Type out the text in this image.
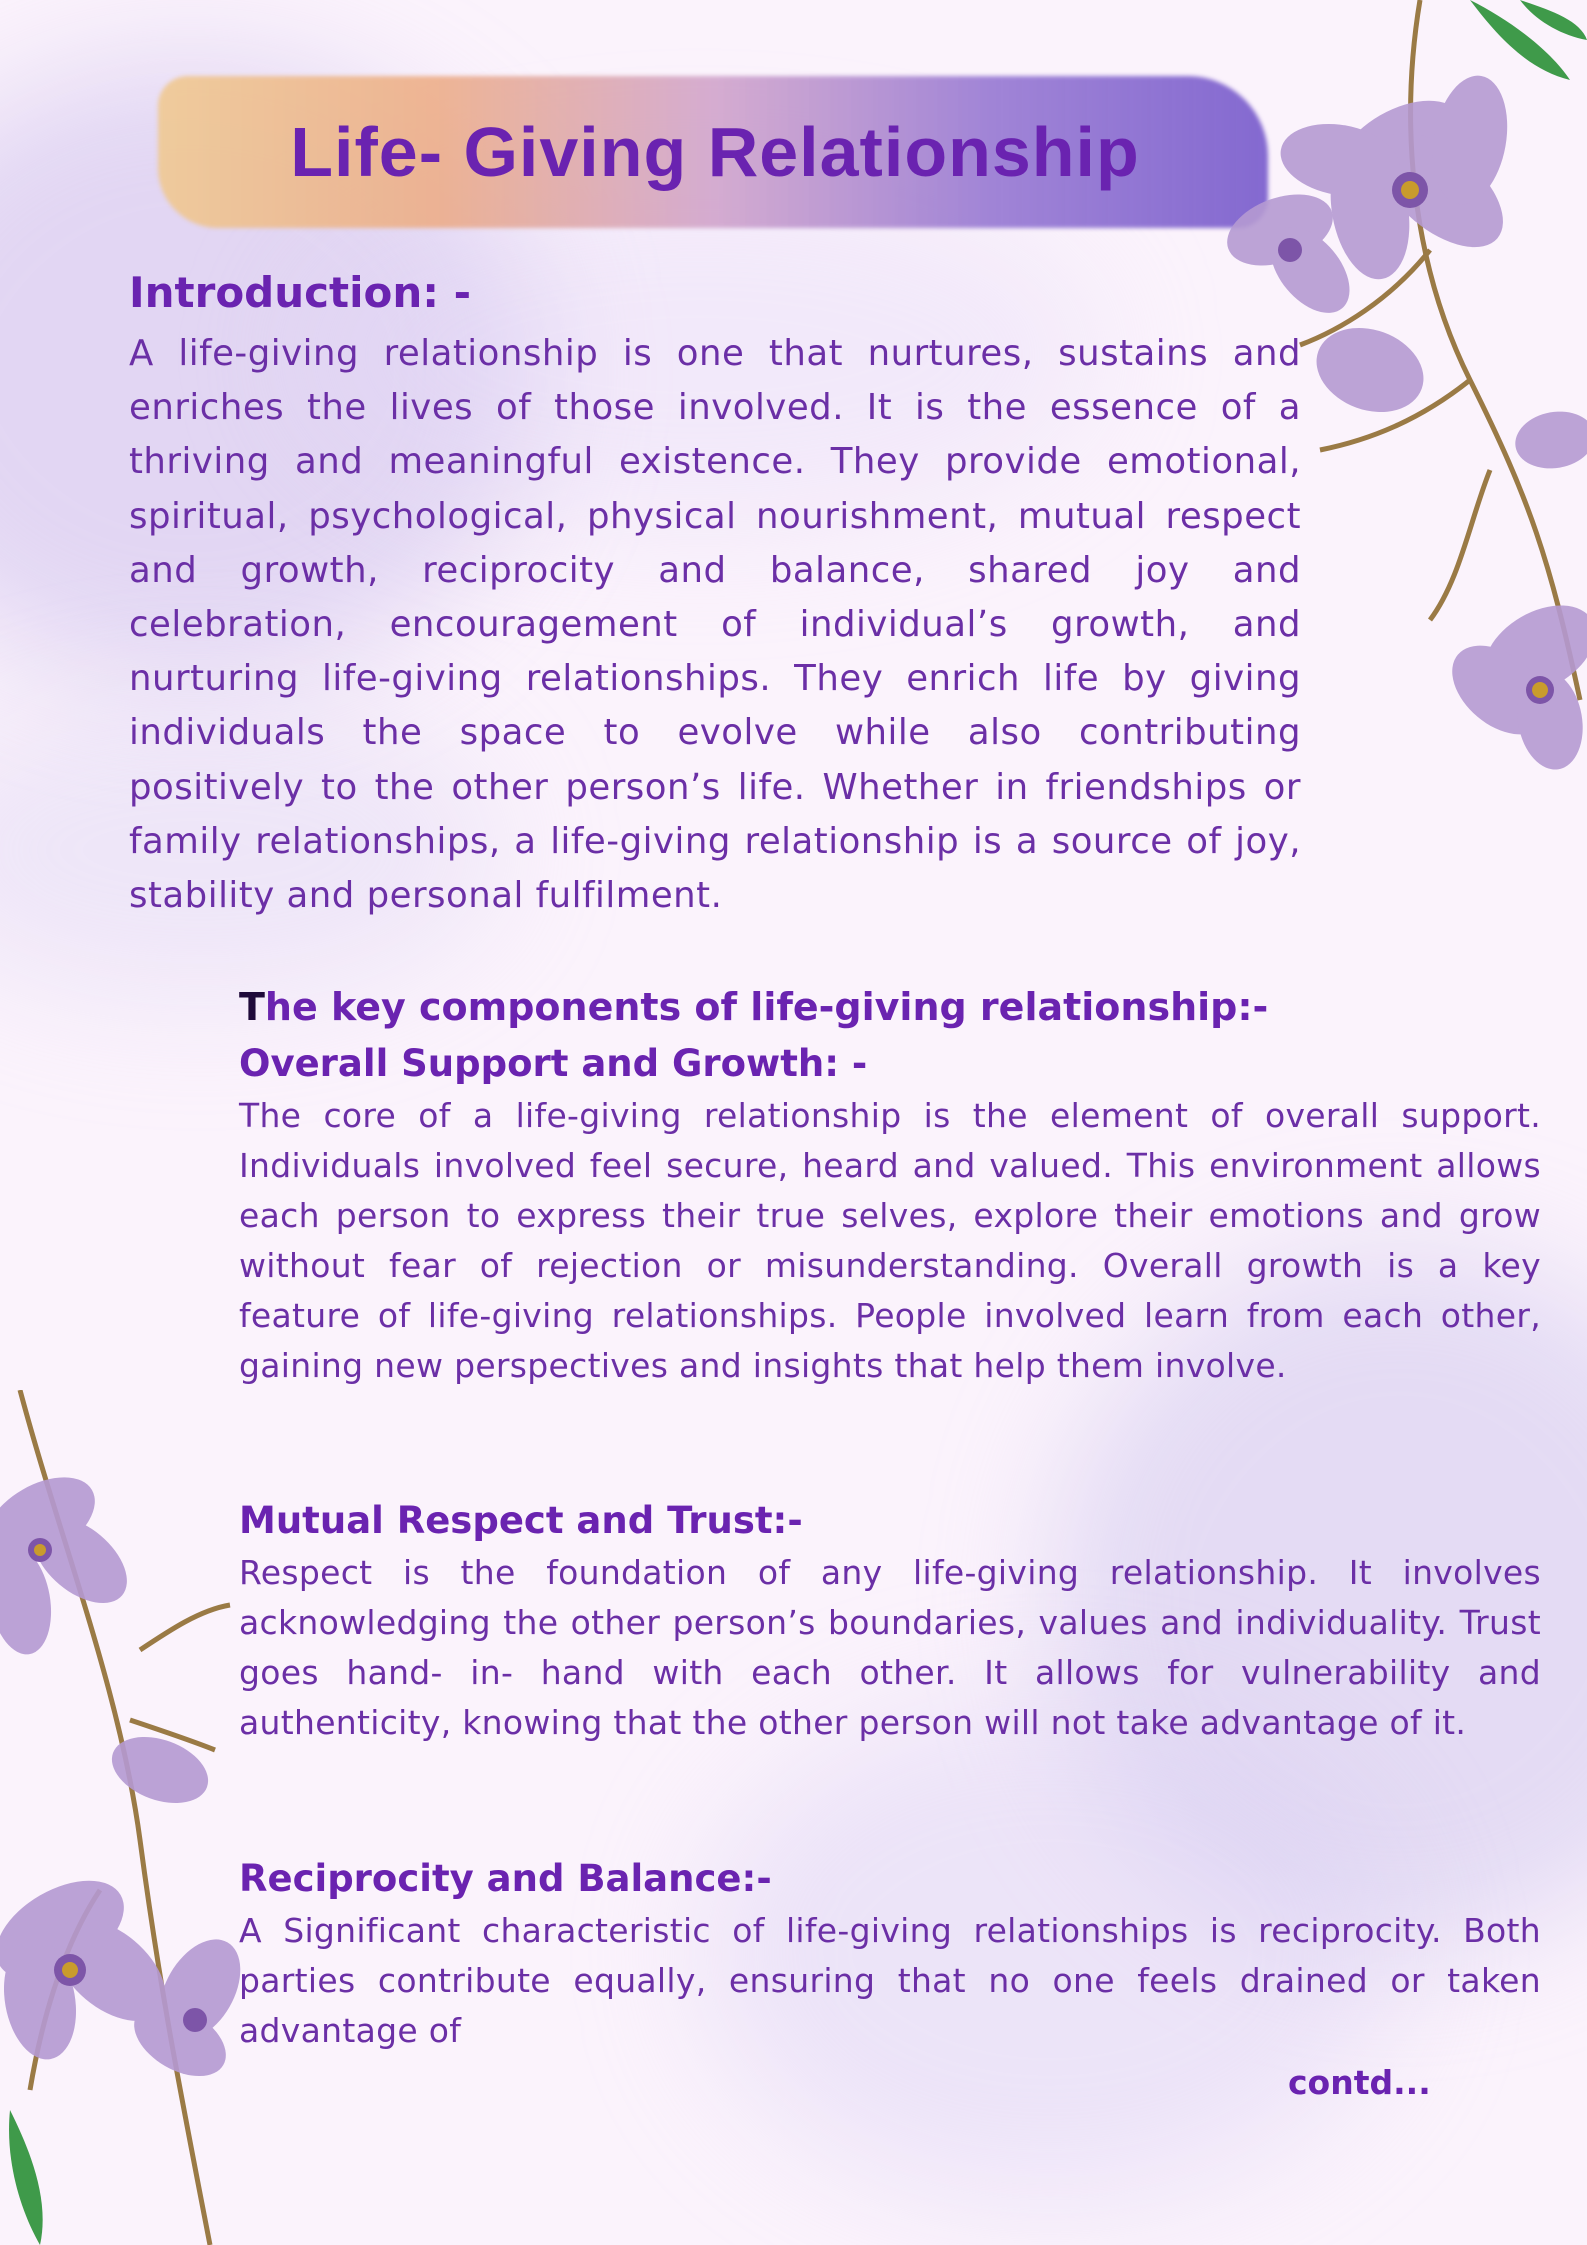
Life- Giving Relationship
Introduction: -

A life-giving relationship is one that nurtures, sustains and enriches the lives of those involved. It is the essence of a thriving and meaningful existence. They provide emotional, spiritual, psychological, physical nourishment, mutual respect and growth, reciprocity and balance, shared joy and celebration, encouragement of individual’s growth, and nurturing life-giving relationships. They enrich life by giving individuals the space to evolve while also contributing positively to the other person’s life. Whether in friendships or family relationships, a life-giving relationship is a source of joy, stability and personal fulfilment.

The key components of life-giving relationship:-
Overall Support and Growth: -

The core of a life-giving relationship is the element of overall support. Individuals involved feel secure, heard and valued. This environment allows each person to express their true selves, explore their emotions and grow without fear of rejection or misunderstanding. Overall growth is a key feature of life-giving relationships. People involved learn from each other, gaining new perspectives and insights that help them involve.

Mutual Respect and Trust:-

Respect is the foundation of any life-giving relationship. It involves acknowledging the other person’s boundaries, values and individuality. Trust goes hand- in- hand with each other. It allows for vulnerability and authenticity, knowing that the other person will not take advantage of it.

Reciprocity and Balance:-

A Significant characteristic of life-giving relationships is reciprocity. Both parties contribute equally, ensuring that no one feels drained or taken advantage of

contd...
